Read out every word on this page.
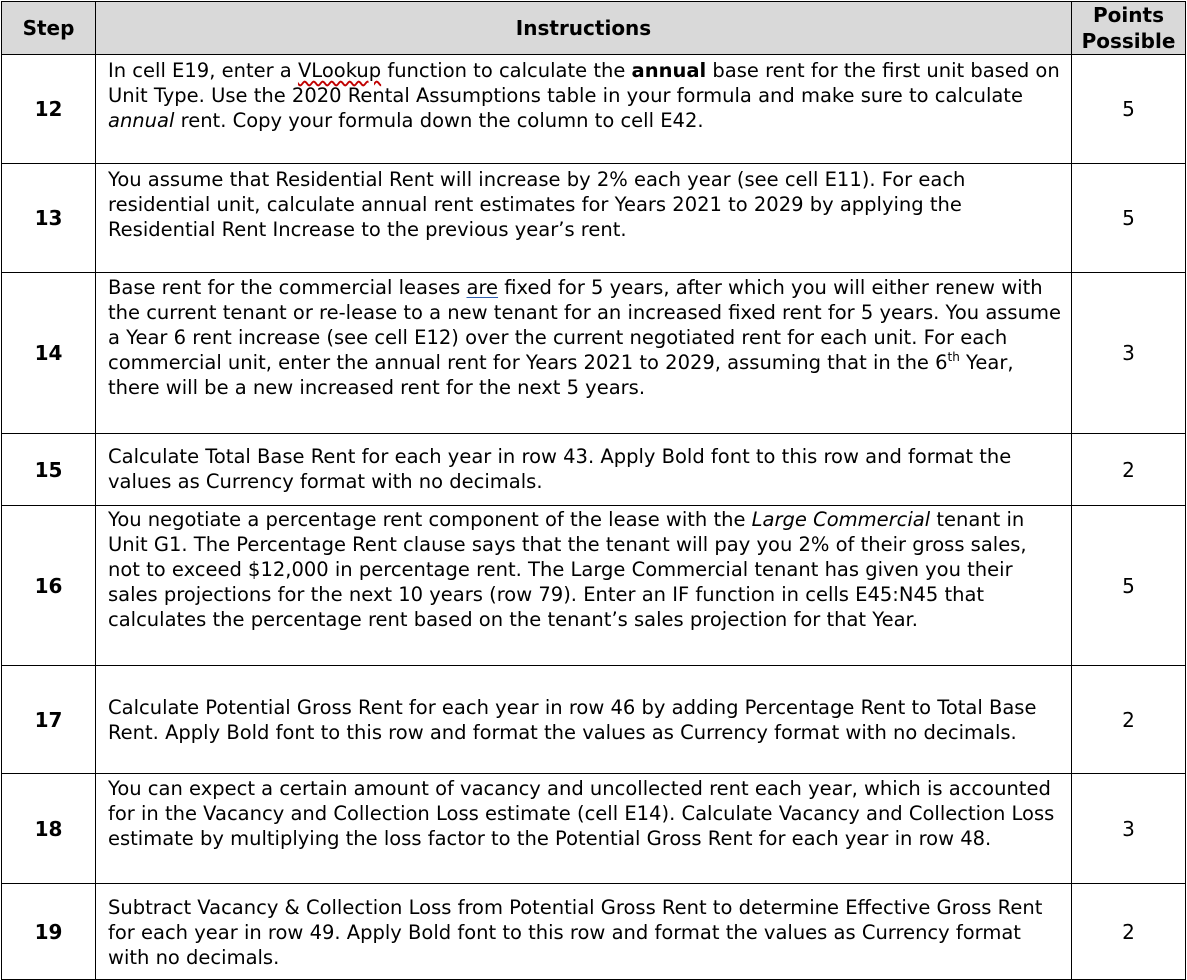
Step	Instructions	Points
Possible
12	In cell E19, enter a VLookup function to calculate the annual base rent for the first unit based on Unit Type. Use the 2020 Rental Assumptions table in your formula and make sure to calculate annual rent. Copy your formula down the column to cell E42.	5
13	You assume that Residential Rent will increase by 2% each year (see cell E11). For each residential unit, calculate annual rent estimates for Years 2021 to 2029 by applying the Residential Rent Increase to the previous year’s rent.	5
14	Base rent for the commercial leases are fixed for 5 years, after which you will either renew with the current tenant or re-lease to a new tenant for an increased fixed rent for 5 years. You assume a Year 6 rent increase (see cell E12) over the current negotiated rent for each unit. For each commercial unit, enter the annual rent for Years 2021 to 2029, assuming that in the 6th Year, there will be a new increased rent for the next 5 years.	3
15	Calculate Total Base Rent for each year in row 43. Apply Bold font to this row and format the values as Currency format with no decimals.	2
16	You negotiate a percentage rent component of the lease with the Large Commercial tenant in Unit G1. The Percentage Rent clause says that the tenant will pay you 2% of their gross sales, not to exceed $12,000 in percentage rent. The Large Commercial tenant has given you their sales projections for the next 10 years (row 79). Enter an IF function in cells E45:N45 that calculates the percentage rent based on the tenant’s sales projection for that Year.	5
17	Calculate Potential Gross Rent for each year in row 46 by adding Percentage Rent to Total Base Rent. Apply Bold font to this row and format the values as Currency format with no decimals.	2
18	You can expect a certain amount of vacancy and uncollected rent each year, which is accounted for in the Vacancy and Collection Loss estimate (cell E14). Calculate Vacancy and Collection Loss estimate by multiplying the loss factor to the Potential Gross Rent for each year in row 48.	3
19	Subtract Vacancy & Collection Loss from Potential Gross Rent to determine Effective Gross Rent for each year in row 49. Apply Bold font to this row and format the values as Currency format with no decimals.	2
